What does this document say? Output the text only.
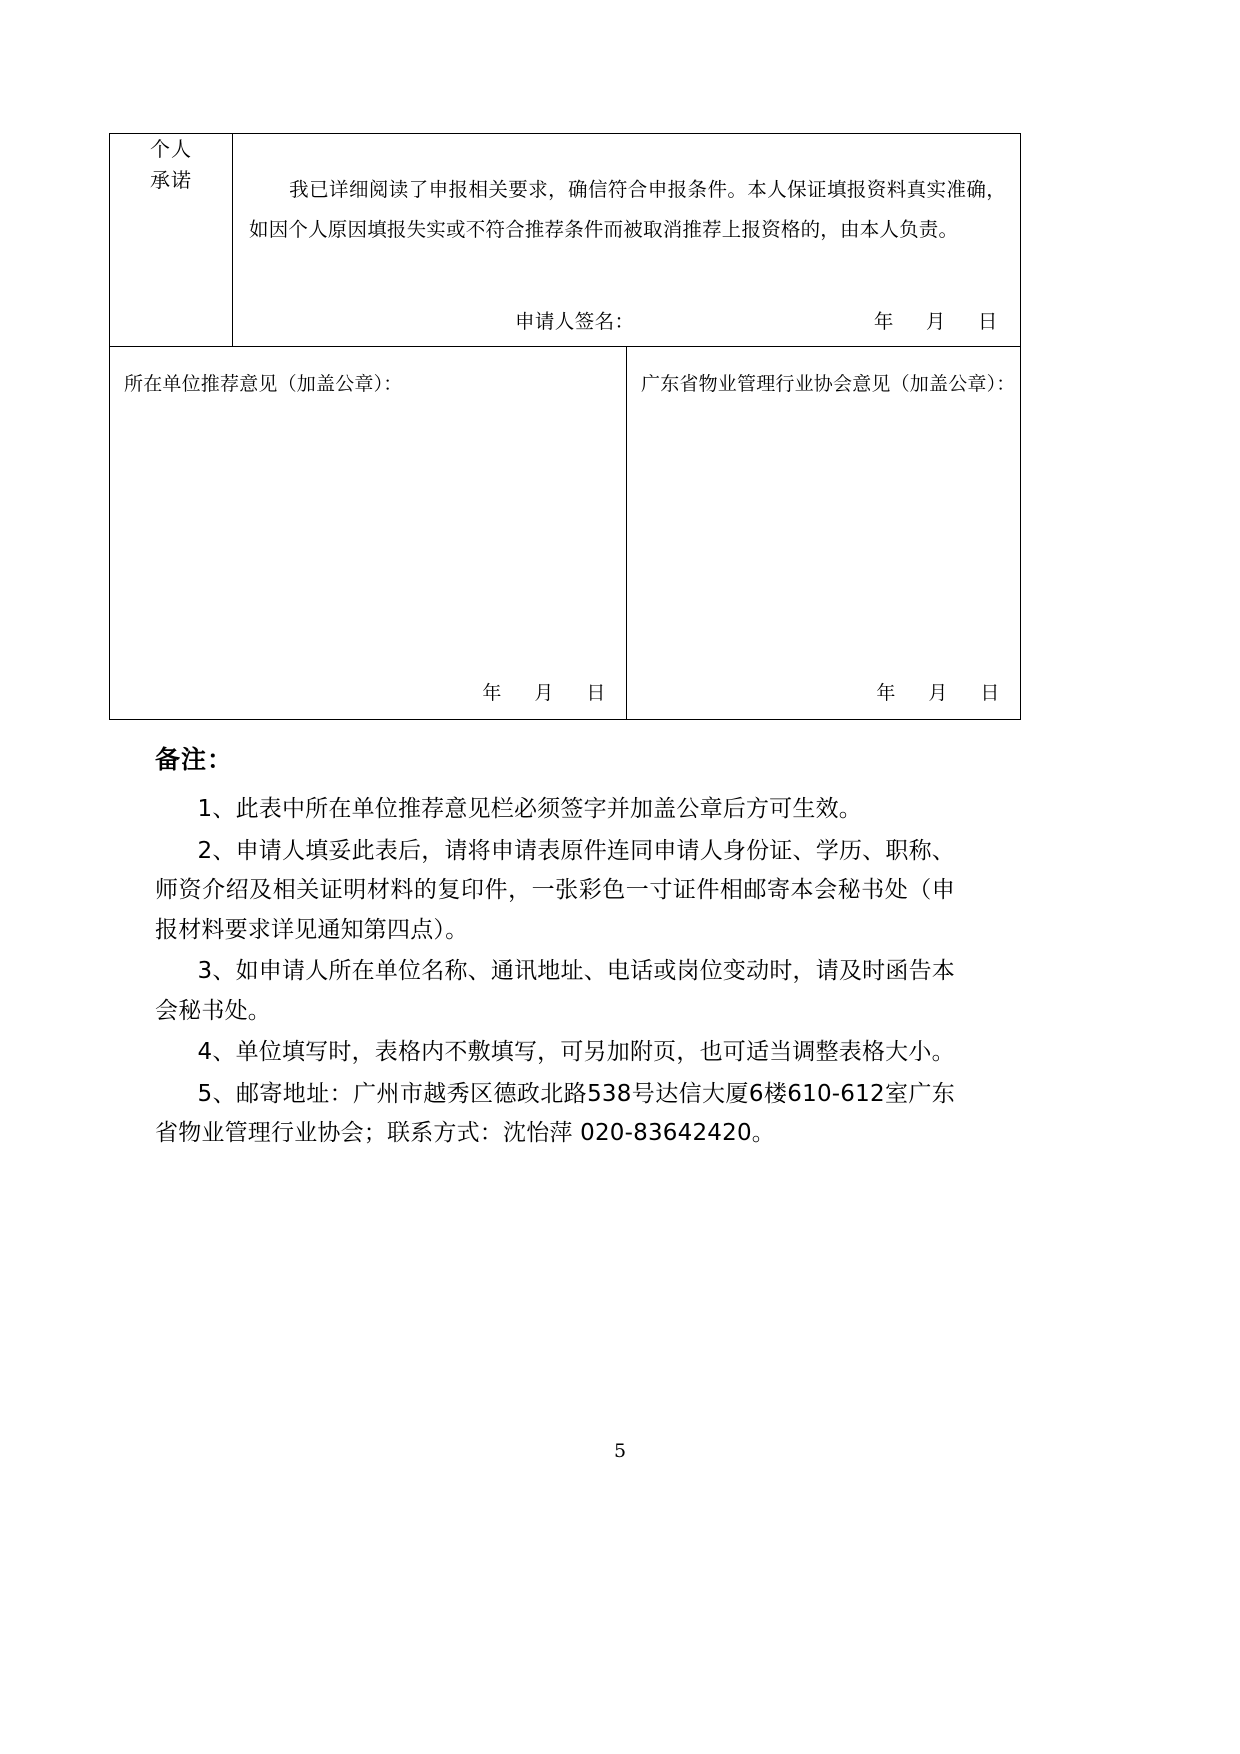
个人
承诺	我已详细阅读了申报相关要求，确信符合申报条件。本人保证填报资料真实准确，如因个人原因填报失实或不符合推荐条件而被取消推荐上报资格的，由本人负责。
申请人签名：	年 月 日

所在单位推荐意见（加盖公章）：
年 月 日

广东省物业管理行业协会意见（加盖公章）：
年 月 日
备注：
1、此表中所在单位推荐意见栏必须签字并加盖公章后方可生效。
2、申请人填妥此表后，请将申请表原件连同申请人身份证、学历、职称、师资介绍及相关证明材料的复印件，一张彩色一寸证件相邮寄本会秘书处（申报材料要求详见通知第四点）。
3、如申请人所在单位名称、通讯地址、电话或岗位变动时，请及时函告本会秘书处。
4、单位填写时，表格内不敷填写，可另加附页，也可适当调整表格大小。
5、邮寄地址：广州市越秀区德政北路538号达信大厦6楼610-612室广东省物业管理行业协会；联系方式：沈怡萍 020-83642420。
5
